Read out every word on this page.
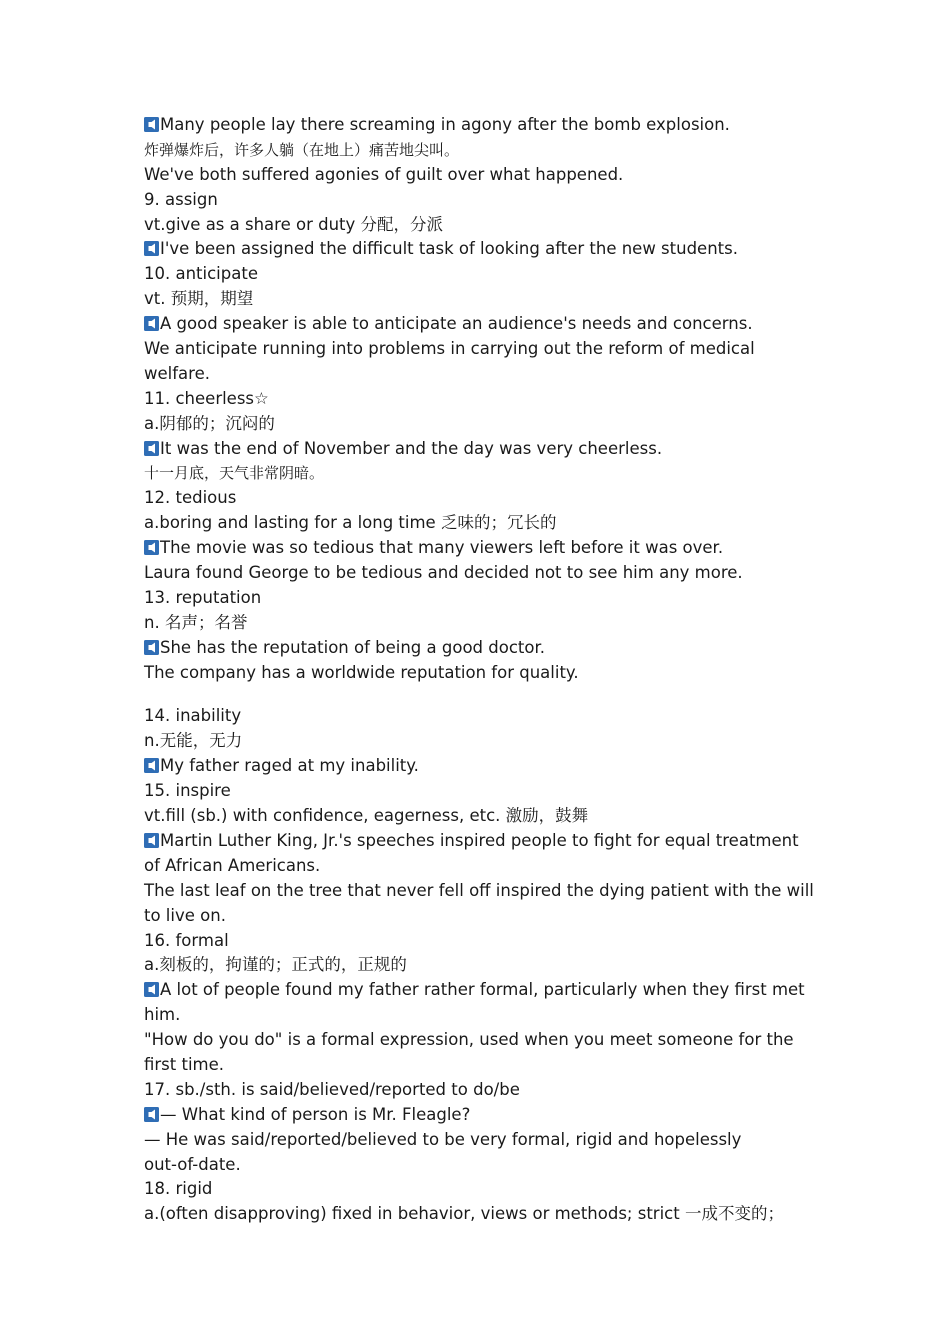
Many people lay there screaming in agony after the bomb explosion.
炸弹爆炸后，许多人躺（在地上）痛苦地尖叫。
We've both suffered agonies of guilt over what happened.
9. assign
vt.give as a share or duty 分配，分派
I've been assigned the difficult task of looking after the new students.
10. anticipate
vt. 预期，期望
A good speaker is able to anticipate an audience's needs and concerns.
We anticipate running into problems in carrying out the reform of medical
welfare.
11. cheerless☆
a.阴郁的；沉闷的
It was the end of November and the day was very cheerless.
十一月底，天气非常阴暗。
12. tedious
a.boring and lasting for a long time 乏味的；冗长的
The movie was so tedious that many viewers left before it was over.
Laura found George to be tedious and decided not to see him any more.
13. reputation
n. 名声；名誉
She has the reputation of being a good doctor.
The company has a worldwide reputation for quality.
14. inability
n.无能，无力
My father raged at my inability.
15. inspire
vt.fill (sb.) with confidence, eagerness, etc. 激励，鼓舞
Martin Luther King, Jr.'s speeches inspired people to fight for equal treatment
of African Americans.
The last leaf on the tree that never fell off inspired the dying patient with the will
to live on.
16. formal
a.刻板的，拘谨的；正式的，正规的
A lot of people found my father rather formal, particularly when they first met
him.
"How do you do" is a formal expression, used when you meet someone for the
first time.
17. sb./sth. is said/believed/reported to do/be
— What kind of person is Mr. Fleagle?
— He was said/reported/believed to be very formal, rigid and hopelessly
out-of-date.
18. rigid
a.(often disapproving) fixed in behavior, views or methods; strict 一成不变的；
